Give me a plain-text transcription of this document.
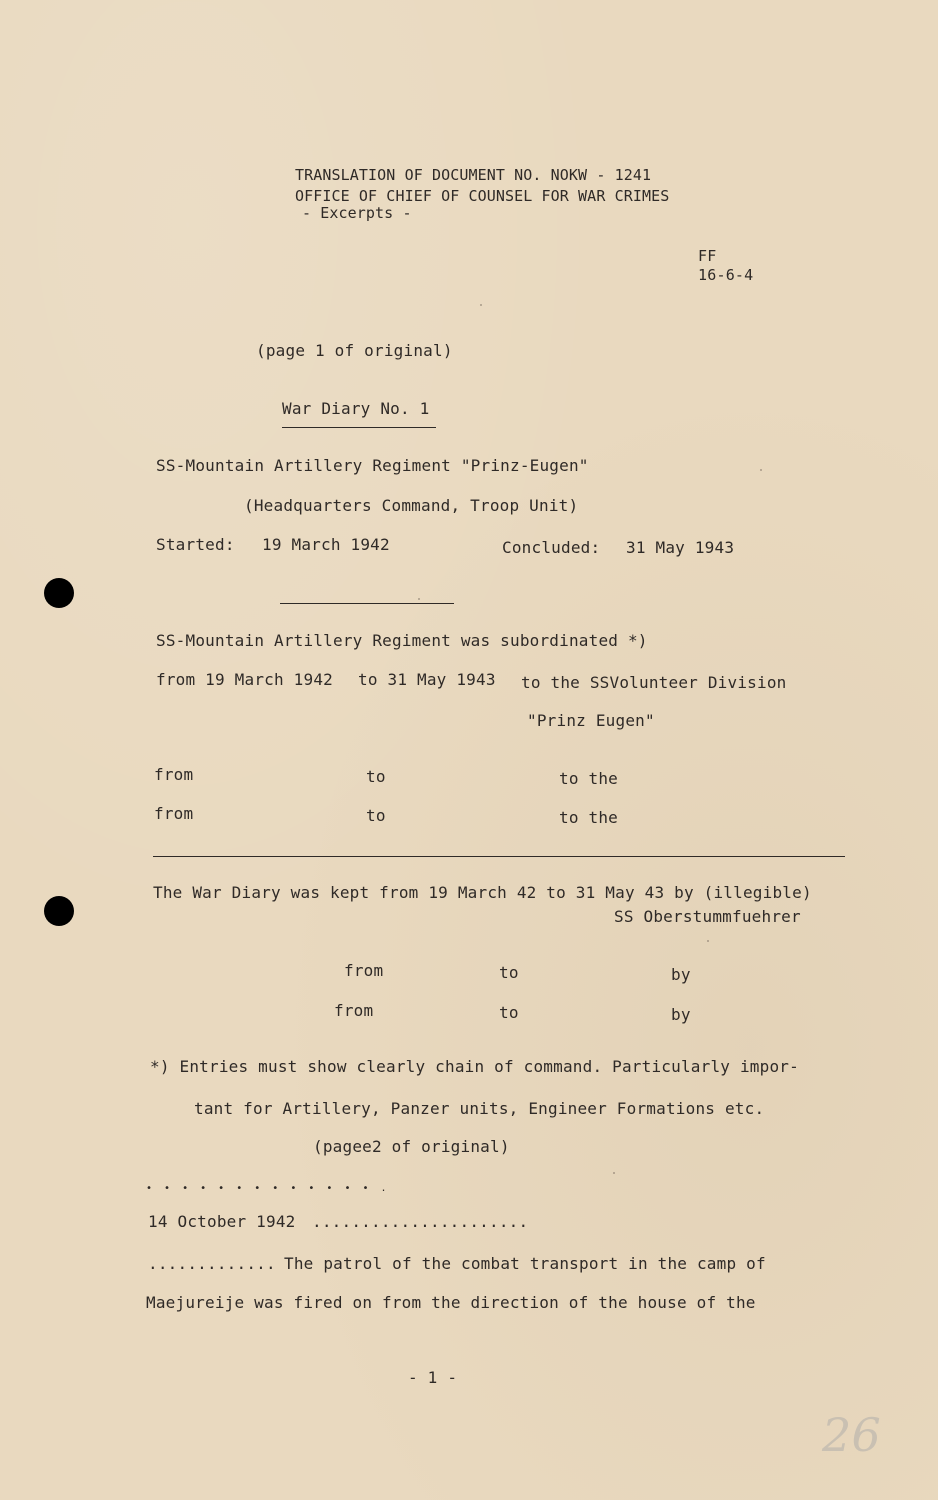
TRANSLATION OF DOCUMENT NO. NOKW - 1241
OFFICE OF CHIEF OF COUNSEL FOR WAR CRIMES
- Excerpts -
FF
16-6-4
(page 1 of original)
War Diary No. 1
SS-Mountain Artillery Regiment "Prinz-Eugen"
(Headquarters Command, Troop Unit)
Started: 19 March 1942	Concluded: 31 May 1943
SS-Mountain Artillery Regiment was subordinated *)
from 19 March 1942 to 31 May 1943 to the SSVolunteer Division
"Prinz Eugen"
from	to	to the
from	to	to the
The War Diary was kept from 19 March 42 to 31 May 43 by (illegible)
SS Oberstummfuehrer
from	to	by
from	to	by
*) Entries must show clearly chain of command. Particularly impor-
tant for Artillery, Panzer units, Engineer Formations etc.
(pagee2 of original)
• • • • • • • • • • • • • .
14 October 1942 ......................
............. The patrol of the combat transport in the camp of
Maejureije was fired on from the direction of the house of the
- 1 -
26
